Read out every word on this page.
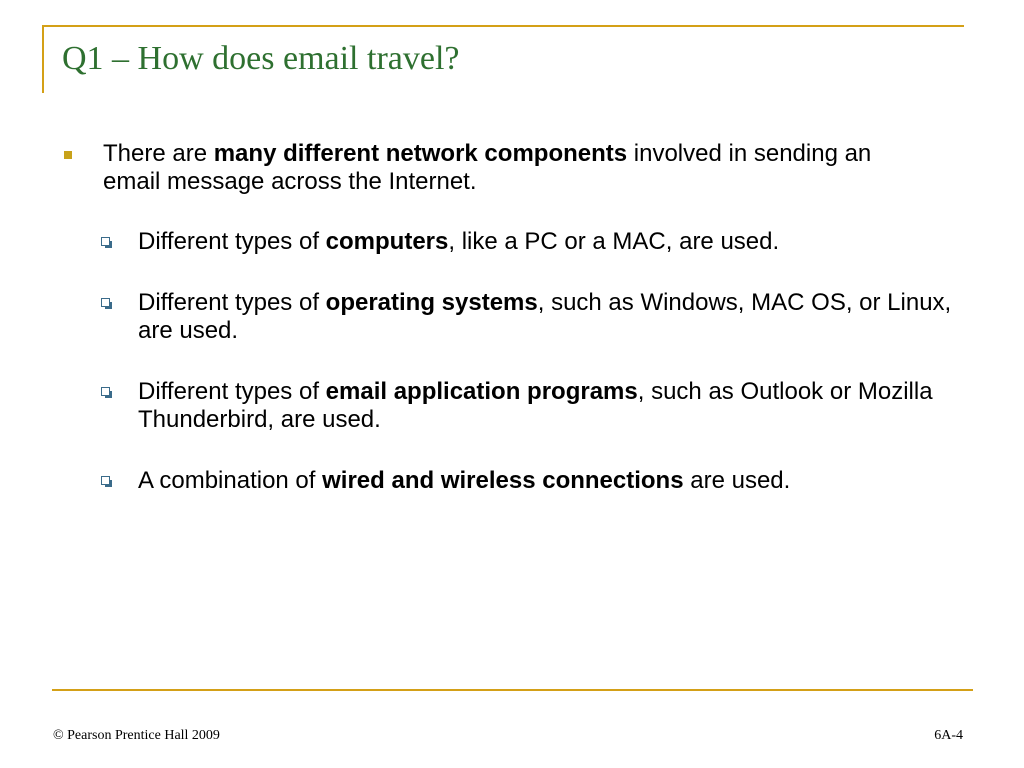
Q1 – How does email travel?
There are many different network components involved in sending an email message across the Internet.
Different types of computers, like a PC or a MAC, are used.
Different types of operating systems, such as Windows, MAC OS, or Linux, are used.
Different types of email application programs, such as Outlook or Mozilla Thunderbird, are used.
A combination of wired and wireless connections are used.
© Pearson Prentice Hall 2009	6A-4
